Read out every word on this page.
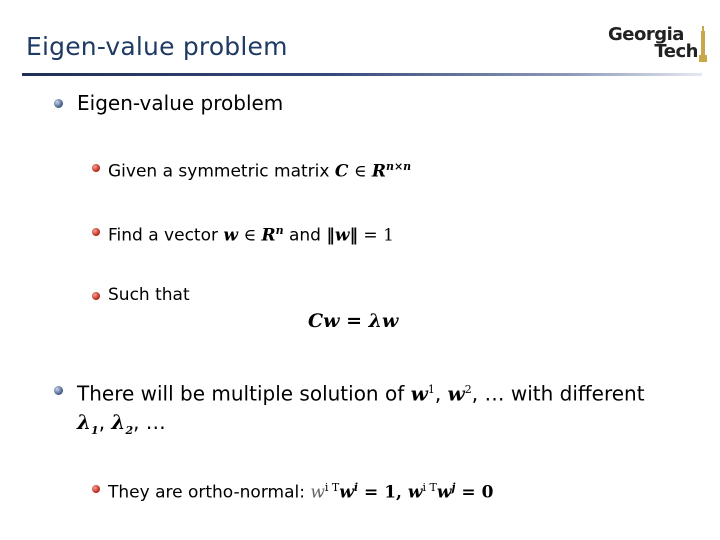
Eigen-value problem	Georgia
Tech
Eigen-value problem
Given a symmetric matrix C ∈ $R^{n\times n}$
Find a vector w ∈ $R^n$ and ‖w‖ = 1
Such that
Cw = λw
There will be multiple solution of $w^1$, $w^2$, … with different
$\lambda_1$, $\lambda_2$, …
They are ortho-normal: $w^{i T}w^i = 1$, $w^{i T}w^j = 0$
